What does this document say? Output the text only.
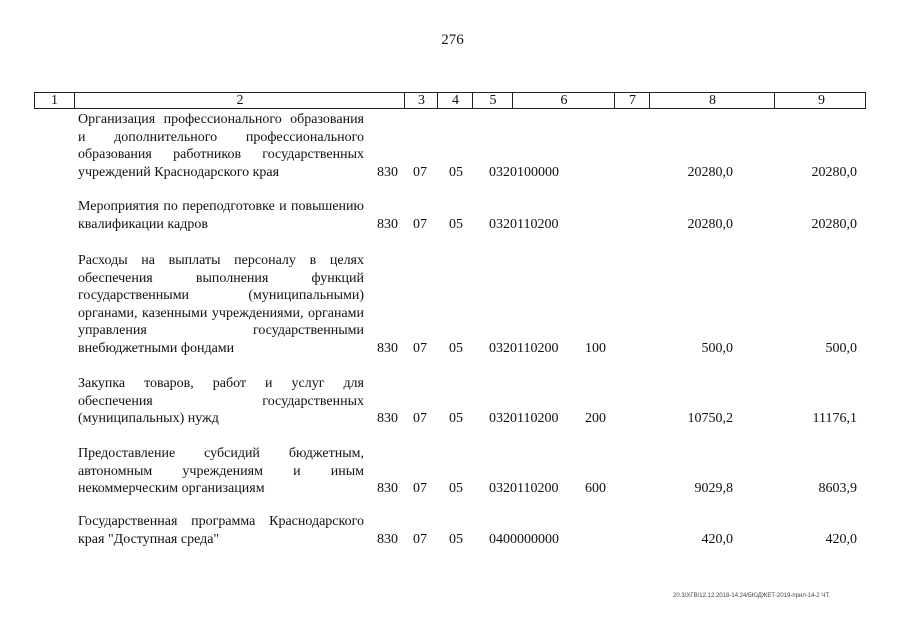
276
1	2	3	4	5	6	7	8	9
Организация профессионального образования и дополнительного профессионального образования работников государственных учреждений Краснодарского края	830 07 05 0320100000	20280,0	20280,0
Мероприятия по переподготовке и повышению квалификации кадров	830 07 05 0320110200	20280,0	20280,0
Расходы на выплаты персоналу в целях обеспечения выполнения функций государственными (муниципальными) органами, казенными учреждениями, органами управления государственными внебюджетными фондами	830 07 05 0320110200 100	500,0	500,0
Закупка товаров, работ и услуг для обеспечения государственных (муниципальных) нужд	830 07 05 0320110200 200	10750,2	11176,1
Предоставление субсидий бюджетным, автономным учреждениям и иным некоммерческим организациям	830 07 05 0320110200 600	9029,8	8603,9
Государственная программа Краснодарского края "Доступная среда"	830 07 05 0400000000	420,0	420,0
20.3/ХГВ/12.12.2018-14:24/БЮДЖЕТ-2019-прил-14-2 ЧТ.
